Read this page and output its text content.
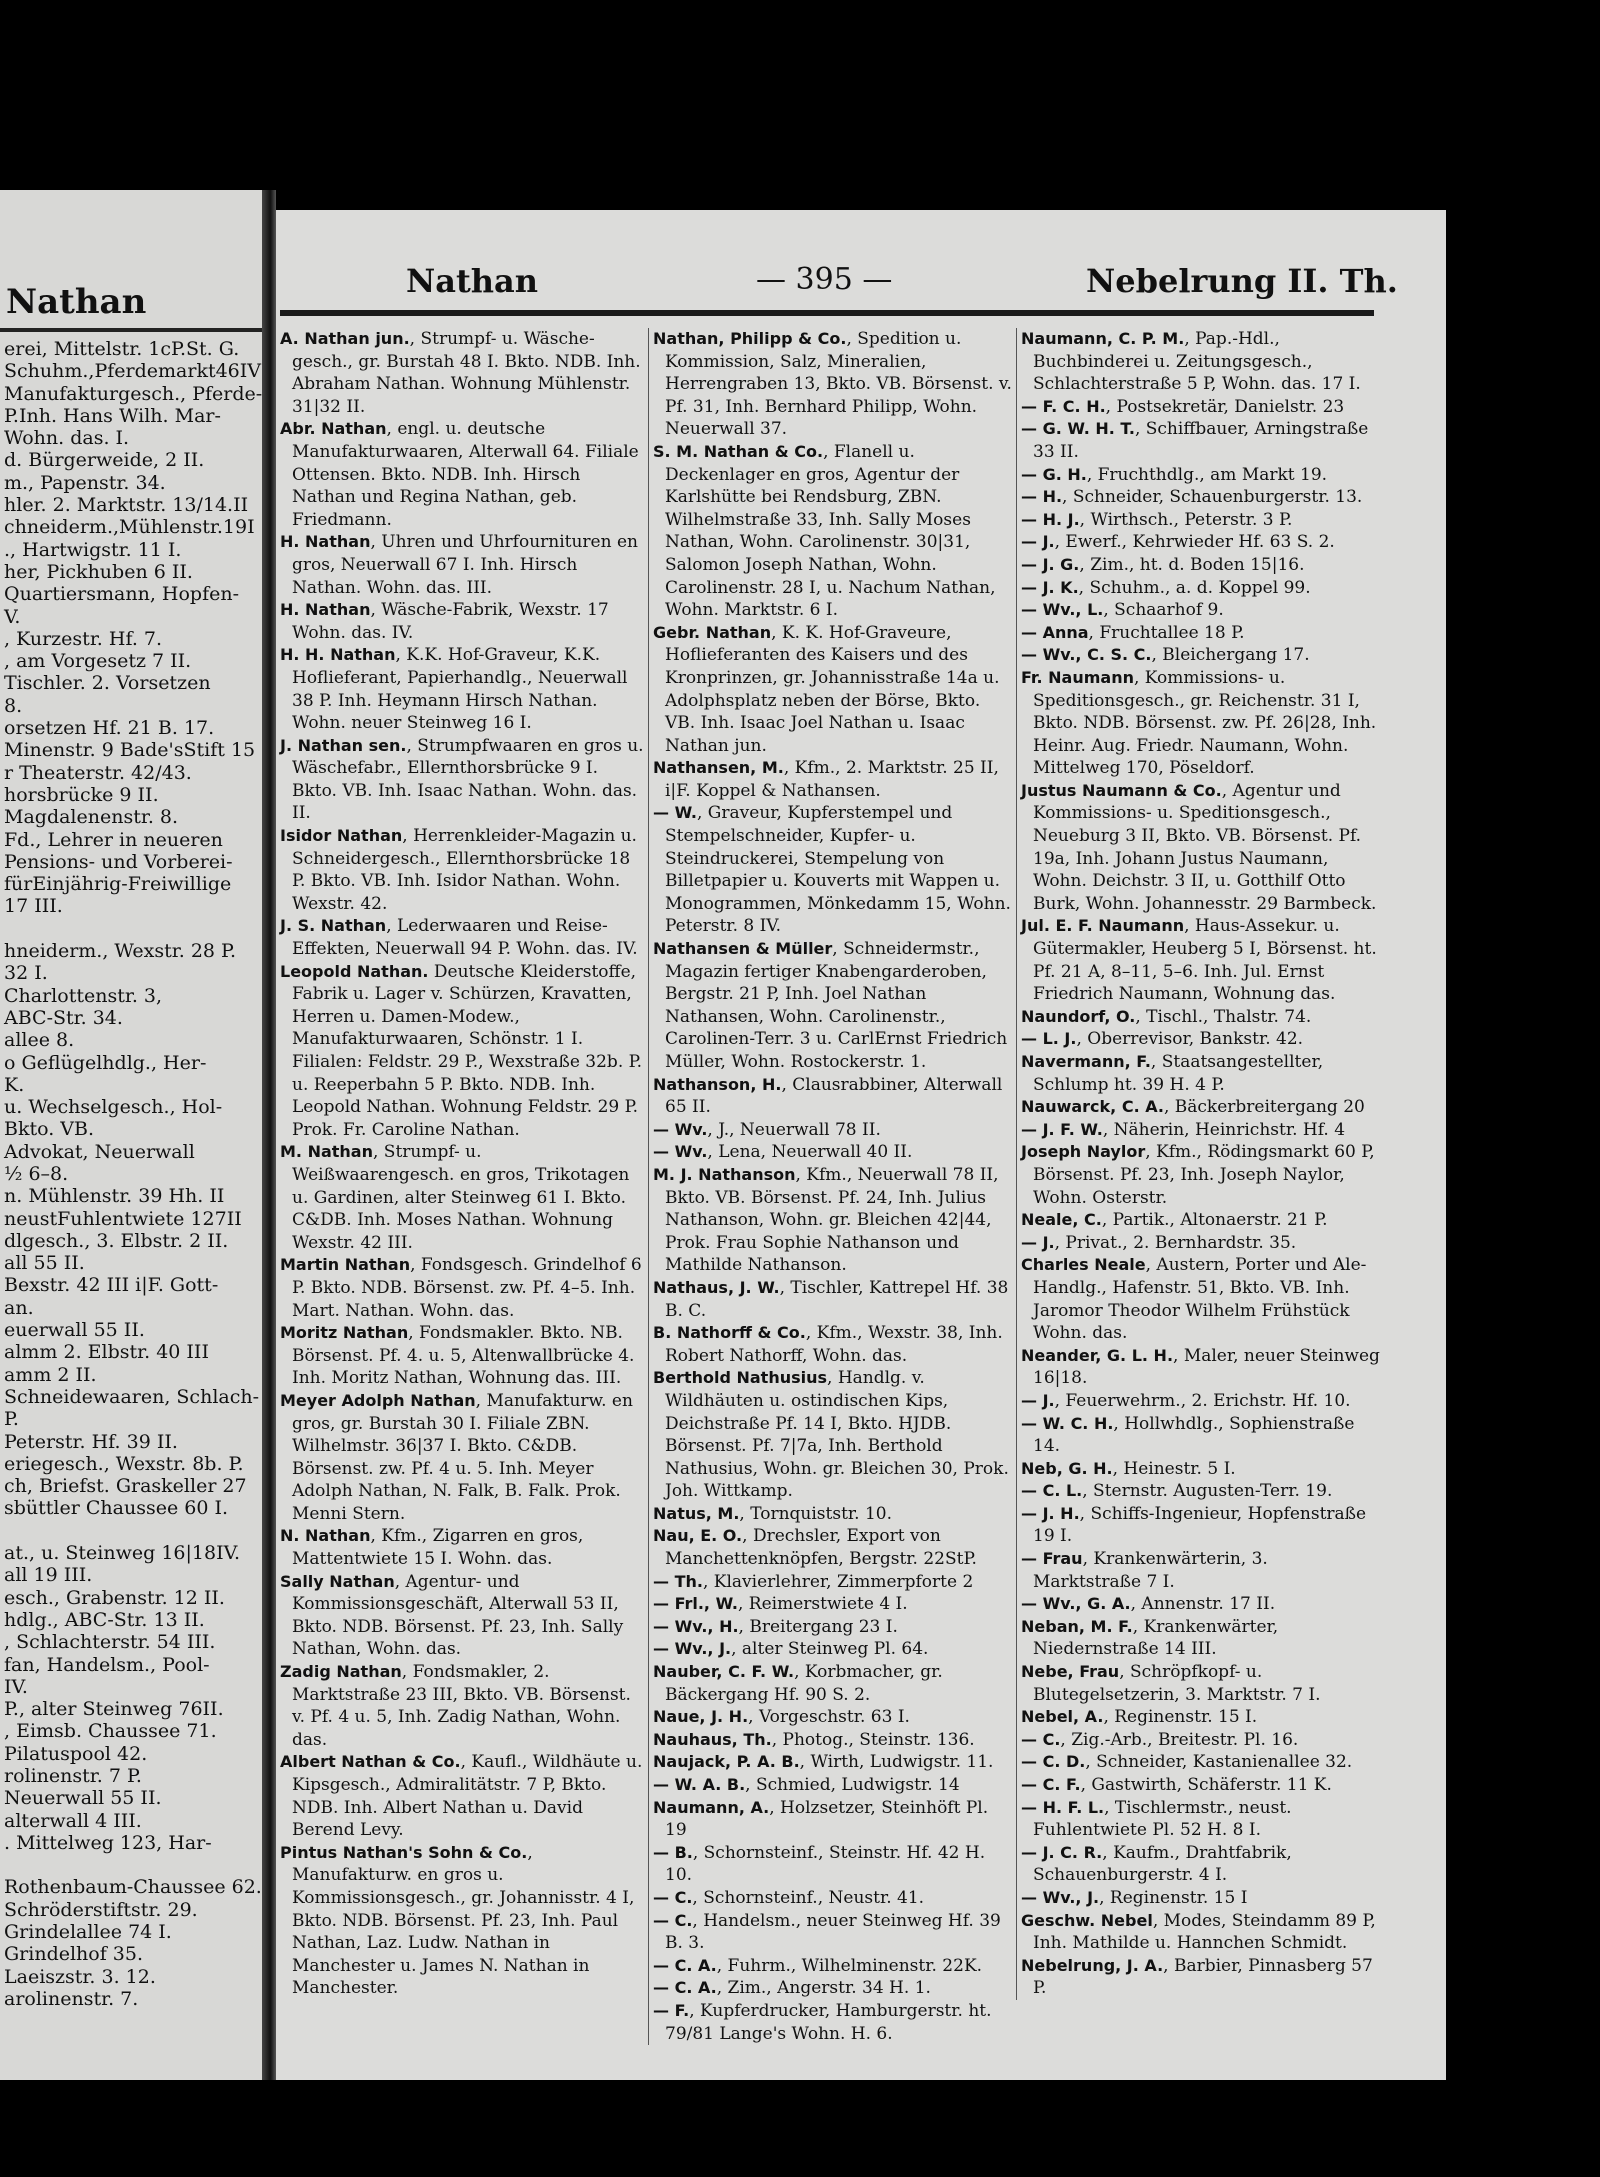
Nathan
erei, Mittelstr. 1cP.St. G.
Schuhm.,Pferdemarkt46IV
Manufakturgesch., Pferde-
P.Inh. Hans Wilh. Mar-
Wohn. das. I.
d. Bürgerweide, 2 II.
m., Papenstr. 34.
hler. 2. Marktstr. 13/14.II
chneiderm.,Mühlenstr.19I
., Hartwigstr. 11 I.
her, Pickhuben 6 II.
Quartiersmann, Hopfen-
V.
, Kurzestr. Hf. 7.
, am Vorgesetz 7 II.
Tischler. 2. Vorsetzen
8.
orsetzen Hf. 21 B. 17.
Minenstr. 9 Bade'sStift 15
r Theaterstr. 42/43.
horsbrücke 9 II.
Magdalenenstr. 8.
Fd., Lehrer in neueren
Pensions- und Vorberei-
fürEinjährig-Freiwillige
17 III.

hneiderm., Wexstr. 28 P.
32 I.
Charlottenstr. 3,
ABC-Str. 34.
allee 8.
o Geflügelhdlg., Her-
K.
u. Wechselgesch., Hol-
Bkto. VB.
Advokat, Neuerwall
½ 6–8.
n. Mühlenstr. 39 Hh. II
neustFuhlentwiete 127II
dlgesch., 3. Elbstr. 2 II.
all 55 II.
Bexstr. 42 III i|F. Gott-
an.
euerwall 55 II.
almm 2. Elbstr. 40 III
amm 2 II.
Schneidewaaren, Schlach-
P.
Peterstr. Hf. 39 II.
eriegesch., Wexstr. 8b. P.
ch, Briefst. Graskeller 27
sbüttler Chaussee 60 I.

at., u. Steinweg 16|18IV.
all 19 III.
esch., Grabenstr. 12 II.
hdlg., ABC-Str. 13 II.
, Schlachterstr. 54 III.
fan, Handelsm., Pool-
IV.
P., alter Steinweg 76II.
, Eimsb. Chaussee 71.
Pilatuspool 42.
rolinenstr. 7 P.
Neuerwall 55 II.
alterwall 4 III.
. Mittelweg 123, Har-

Rothenbaum-Chaussee 62.
Schröderstiftstr. 29.
Grindelallee 74 I.
Grindelhof 35.
Laeiszstr. 3. 12.
arolinenstr. 7.
Nathan	— 395 —	Nebelrung II. Th.

A. Nathan jun., Strumpf- u. Wäsche-gesch., gr. Burstah 48 I. Bkto. NDB. Inh. Abraham Nathan. Wohnung Mühlenstr. 31|32 II.

Abr. Nathan, engl. u. deutsche Manufakturwaaren, Alterwall 64. Filiale Ottensen. Bkto. NDB. Inh. Hirsch Nathan und Regina Nathan, geb. Friedmann.

H. Nathan, Uhren und Uhrfournituren en gros, Neuerwall 67 I. Inh. Hirsch Nathan. Wohn. das. III.

H. Nathan, Wäsche-Fabrik, Wexstr. 17 Wohn. das. IV.

H. H. Nathan, K.K. Hof-Graveur, K.K. Hoflieferant, Papierhandlg., Neuerwall 38 P. Inh. Heymann Hirsch Nathan. Wohn. neuer Steinweg 16 I.

J. Nathan sen., Strumpfwaaren en gros u. Wäschefabr., Ellernthorsbrücke 9 I. Bkto. VB. Inh. Isaac Nathan. Wohn. das. II.

Isidor Nathan, Herrenkleider-Magazin u. Schneidergesch., Ellernthorsbrücke 18 P. Bkto. VB. Inh. Isidor Nathan. Wohn. Wexstr. 42.

J. S. Nathan, Lederwaaren und Reise-Effekten, Neuerwall 94 P. Wohn. das. IV.

Leopold Nathan. Deutsche Kleiderstoffe, Fabrik u. Lager v. Schürzen, Kravatten, Herren u. Damen-Modew., Manufakturwaaren, Schönstr. 1 I. Filialen: Feldstr. 29 P., Wexstraße 32b. P. u. Reeperbahn 5 P. Bkto. NDB. Inh. Leopold Nathan. Wohnung Feldstr. 29 P. Prok. Fr. Caroline Nathan.

M. Nathan, Strumpf- u. Weißwaarengesch. en gros, Trikotagen u. Gardinen, alter Steinweg 61 I. Bkto. C&DB. Inh. Moses Nathan. Wohnung Wexstr. 42 III.

Martin Nathan, Fondsgesch. Grindelhof 6 P. Bkto. NDB. Börsenst. zw. Pf. 4–5. Inh. Mart. Nathan. Wohn. das.

Moritz Nathan, Fondsmakler. Bkto. NB. Börsenst. Pf. 4. u. 5, Altenwallbrücke 4. Inh. Moritz Nathan, Wohnung das. III.

Meyer Adolph Nathan, Manufakturw. en gros, gr. Burstah 30 I. Filiale ZBN. Wilhelmstr. 36|37 I. Bkto. C&DB. Börsenst. zw. Pf. 4 u. 5. Inh. Meyer Adolph Nathan, N. Falk, B. Falk. Prok. Menni Stern.

N. Nathan, Kfm., Zigarren en gros, Mattentwiete 15 I. Wohn. das.

Sally Nathan, Agentur- und Kommissionsgeschäft, Alterwall 53 II, Bkto. NDB. Börsenst. Pf. 23, Inh. Sally Nathan, Wohn. das.

Zadig Nathan, Fondsmakler, 2. Marktstraße 23 III, Bkto. VB. Börsenst. v. Pf. 4 u. 5, Inh. Zadig Nathan, Wohn. das.

Albert Nathan & Co., Kaufl., Wildhäute u. Kipsgesch., Admiralitätstr. 7 P, Bkto. NDB. Inh. Albert Nathan u. David Berend Levy.

Pintus Nathan's Sohn & Co., Manufakturw. en gros u. Kommissionsgesch., gr. Johannisstr. 4 I, Bkto. NDB. Börsenst. Pf. 23, Inh. Paul Nathan, Laz. Ludw. Nathan in Manchester u. James N. Nathan in Manchester.

Nathan, Philipp & Co., Spedition u. Kommission, Salz, Mineralien, Herrengraben 13, Bkto. VB. Börsenst. v. Pf. 31, Inh. Bernhard Philipp, Wohn. Neuerwall 37.

S. M. Nathan & Co., Flanell u. Deckenlager en gros, Agentur der Karlshütte bei Rendsburg, ZBN. Wilhelmstraße 33, Inh. Sally Moses Nathan, Wohn. Carolinenstr. 30|31, Salomon Joseph Nathan, Wohn. Carolinenstr. 28 I, u. Nachum Nathan, Wohn. Marktstr. 6 I.

Gebr. Nathan, K. K. Hof-Graveure, Hoflieferanten des Kaisers und des Kronprinzen, gr. Johannisstraße 14a u. Adolphsplatz neben der Börse, Bkto. VB. Inh. Isaac Joel Nathan u. Isaac Nathan jun.

Nathansen, M., Kfm., 2. Marktstr. 25 II, i|F. Koppel & Nathansen.

— W., Graveur, Kupferstempel und Stempelschneider, Kupfer- u. Steindruckerei, Stempelung von Billetpapier u. Kouverts mit Wappen u. Monogrammen, Mönkedamm 15, Wohn. Peterstr. 8 IV.

Nathansen & Müller, Schneidermstr., Magazin fertiger Knabengarderoben, Bergstr. 21 P, Inh. Joel Nathan Nathansen, Wohn. Carolinenstr., Carolinen-Terr. 3 u. CarlErnst Friedrich Müller, Wohn. Rostockerstr. 1.

Nathanson, H., Clausrabbiner, Alterwall 65 II.

— Wv., J., Neuerwall 78 II.

— Wv., Lena, Neuerwall 40 II.

M. J. Nathanson, Kfm., Neuerwall 78 II, Bkto. VB. Börsenst. Pf. 24, Inh. Julius Nathanson, Wohn. gr. Bleichen 42|44, Prok. Frau Sophie Nathanson und Mathilde Nathanson.

Nathaus, J. W., Tischler, Kattrepel Hf. 38 B. C.

B. Nathorff & Co., Kfm., Wexstr. 38, Inh. Robert Nathorff, Wohn. das.

Berthold Nathusius, Handlg. v. Wildhäuten u. ostindischen Kips, Deichstraße Pf. 14 I, Bkto. HJDB. Börsenst. Pf. 7|7a, Inh. Berthold Nathusius, Wohn. gr. Bleichen 30, Prok. Joh. Wittkamp.

Natus, M., Tornquiststr. 10.

Nau, E. O., Drechsler, Export von Manchettenknöpfen, Bergstr. 22StP.

— Th., Klavierlehrer, Zimmerpforte 2

— Frl., W., Reimerstwiete 4 I.

— Wv., H., Breitergang 23 I.

— Wv., J., alter Steinweg Pl. 64.

Nauber, C. F. W., Korbmacher, gr. Bäckergang Hf. 90 S. 2.

Naue, J. H., Vorgeschstr. 63 I.

Nauhaus, Th., Photog., Steinstr. 136.

Naujack, P. A. B., Wirth, Ludwigstr. 11.

— W. A. B., Schmied, Ludwigstr. 14

Naumann, A., Holzsetzer, Steinhöft Pl. 19

— B., Schornsteinf., Steinstr. Hf. 42 H. 10.

— C., Schornsteinf., Neustr. 41.

— C., Handelsm., neuer Steinweg Hf. 39 B. 3.

— C. A., Fuhrm., Wilhelminenstr. 22K.

— C. A., Zim., Angerstr. 34 H. 1.

— F., Kupferdrucker, Hamburgerstr. ht. 79/81 Lange's Wohn. H. 6.

Naumann, C. P. M., Pap.-Hdl., Buchbinderei u. Zeitungsgesch., Schlachterstraße 5 P, Wohn. das. 17 I.

— F. C. H., Postsekretär, Danielstr. 23

— G. W. H. T., Schiffbauer, Arningstraße 33 II.

— G. H., Fruchthdlg., am Markt 19.

— H., Schneider, Schauenburgerstr. 13.

— H. J., Wirthsch., Peterstr. 3 P.

— J., Ewerf., Kehrwieder Hf. 63 S. 2.

— J. G., Zim., ht. d. Boden 15|16.

— J. K., Schuhm., a. d. Koppel 99.

— Wv., L., Schaarhof 9.

— Anna, Fruchtallee 18 P.

— Wv., C. S. C., Bleichergang 17.

Fr. Naumann, Kommissions- u. Speditionsgesch., gr. Reichenstr. 31 I, Bkto. NDB. Börsenst. zw. Pf. 26|28, Inh. Heinr. Aug. Friedr. Naumann, Wohn. Mittelweg 170, Pöseldorf.

Justus Naumann & Co., Agentur und Kommissions- u. Speditionsgesch., Neueburg 3 II, Bkto. VB. Börsenst. Pf. 19a, Inh. Johann Justus Naumann, Wohn. Deichstr. 3 II, u. Gotthilf Otto Burk, Wohn. Johannesstr. 29 Barmbeck.

Jul. E. F. Naumann, Haus-Assekur. u. Gütermakler, Heuberg 5 I, Börsenst. ht. Pf. 21 A, 8–11, 5–6. Inh. Jul. Ernst Friedrich Naumann, Wohnung das.

Naundorf, O., Tischl., Thalstr. 74.

— L. J., Oberrevisor, Bankstr. 42.

Navermann, F., Staatsangestellter, Schlump ht. 39 H. 4 P.

Nauwarck, C. A., Bäckerbreitergang 20

— J. F. W., Näherin, Heinrichstr. Hf. 4

Joseph Naylor, Kfm., Rödingsmarkt 60 P, Börsenst. Pf. 23, Inh. Joseph Naylor, Wohn. Osterstr.

Neale, C., Partik., Altonaerstr. 21 P.

— J., Privat., 2. Bernhardstr. 35.

Charles Neale, Austern, Porter und Ale-Handlg., Hafenstr. 51, Bkto. VB. Inh. Jaromor Theodor Wilhelm Frühstück Wohn. das.

Neander, G. L. H., Maler, neuer Steinweg 16|18.

— J., Feuerwehrm., 2. Erichstr. Hf. 10.

— W. C. H., Hollwhdlg., Sophienstraße 14.

Neb, G. H., Heinestr. 5 I.

— C. L., Sternstr. Augusten-Terr. 19.

— J. H., Schiffs-Ingenieur, Hopfenstraße 19 I.

— Frau, Krankenwärterin, 3. Marktstraße 7 I.

— Wv., G. A., Annenstr. 17 II.

Neban, M. F., Krankenwärter, Niedernstraße 14 III.

Nebe, Frau, Schröpfkopf- u. Blutegelsetzerin, 3. Marktstr. 7 I.

Nebel, A., Reginenstr. 15 I.

— C., Zig.-Arb., Breitestr. Pl. 16.

— C. D., Schneider, Kastanienallee 32.

— C. F., Gastwirth, Schäferstr. 11 K.

— H. F. L., Tischlermstr., neust. Fuhlentwiete Pl. 52 H. 8 I.

— J. C. R., Kaufm., Drahtfabrik, Schauenburgerstr. 4 I.

— Wv., J., Reginenstr. 15 I

Geschw. Nebel, Modes, Steindamm 89 P, Inh. Mathilde u. Hannchen Schmidt.

Nebelrung, J. A., Barbier, Pinnasberg 57 P.
